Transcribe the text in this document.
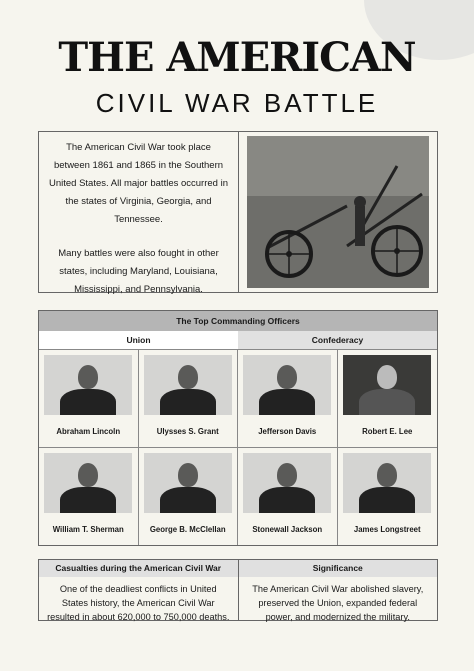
THE AMERICAN
CIVIL WAR BATTLE

The American Civil War took place between 1861 and 1865 in the Southern United States. All major battles occurred in the states of Virginia, Georgia, and Tennessee.

Many battles were also fought in other states, including Maryland, Louisiana, Mississippi, and Pennsylvania.

The Top Commanding Officers
Union	Confederacy
Abraham Lincoln	Ulysses S. Grant	Jefferson Davis	Robert E. Lee
William T. Sherman	George B. McClellan	Stonewall Jackson	James Longstreet
Casualties during the American Civil War
One of the deadliest conflicts in United States history, the American Civil War resulted in about 620,000 to 750,000 deaths.
Significance
The American Civil War abolished slavery, preserved the Union, expanded federal power, and modernized the military.
